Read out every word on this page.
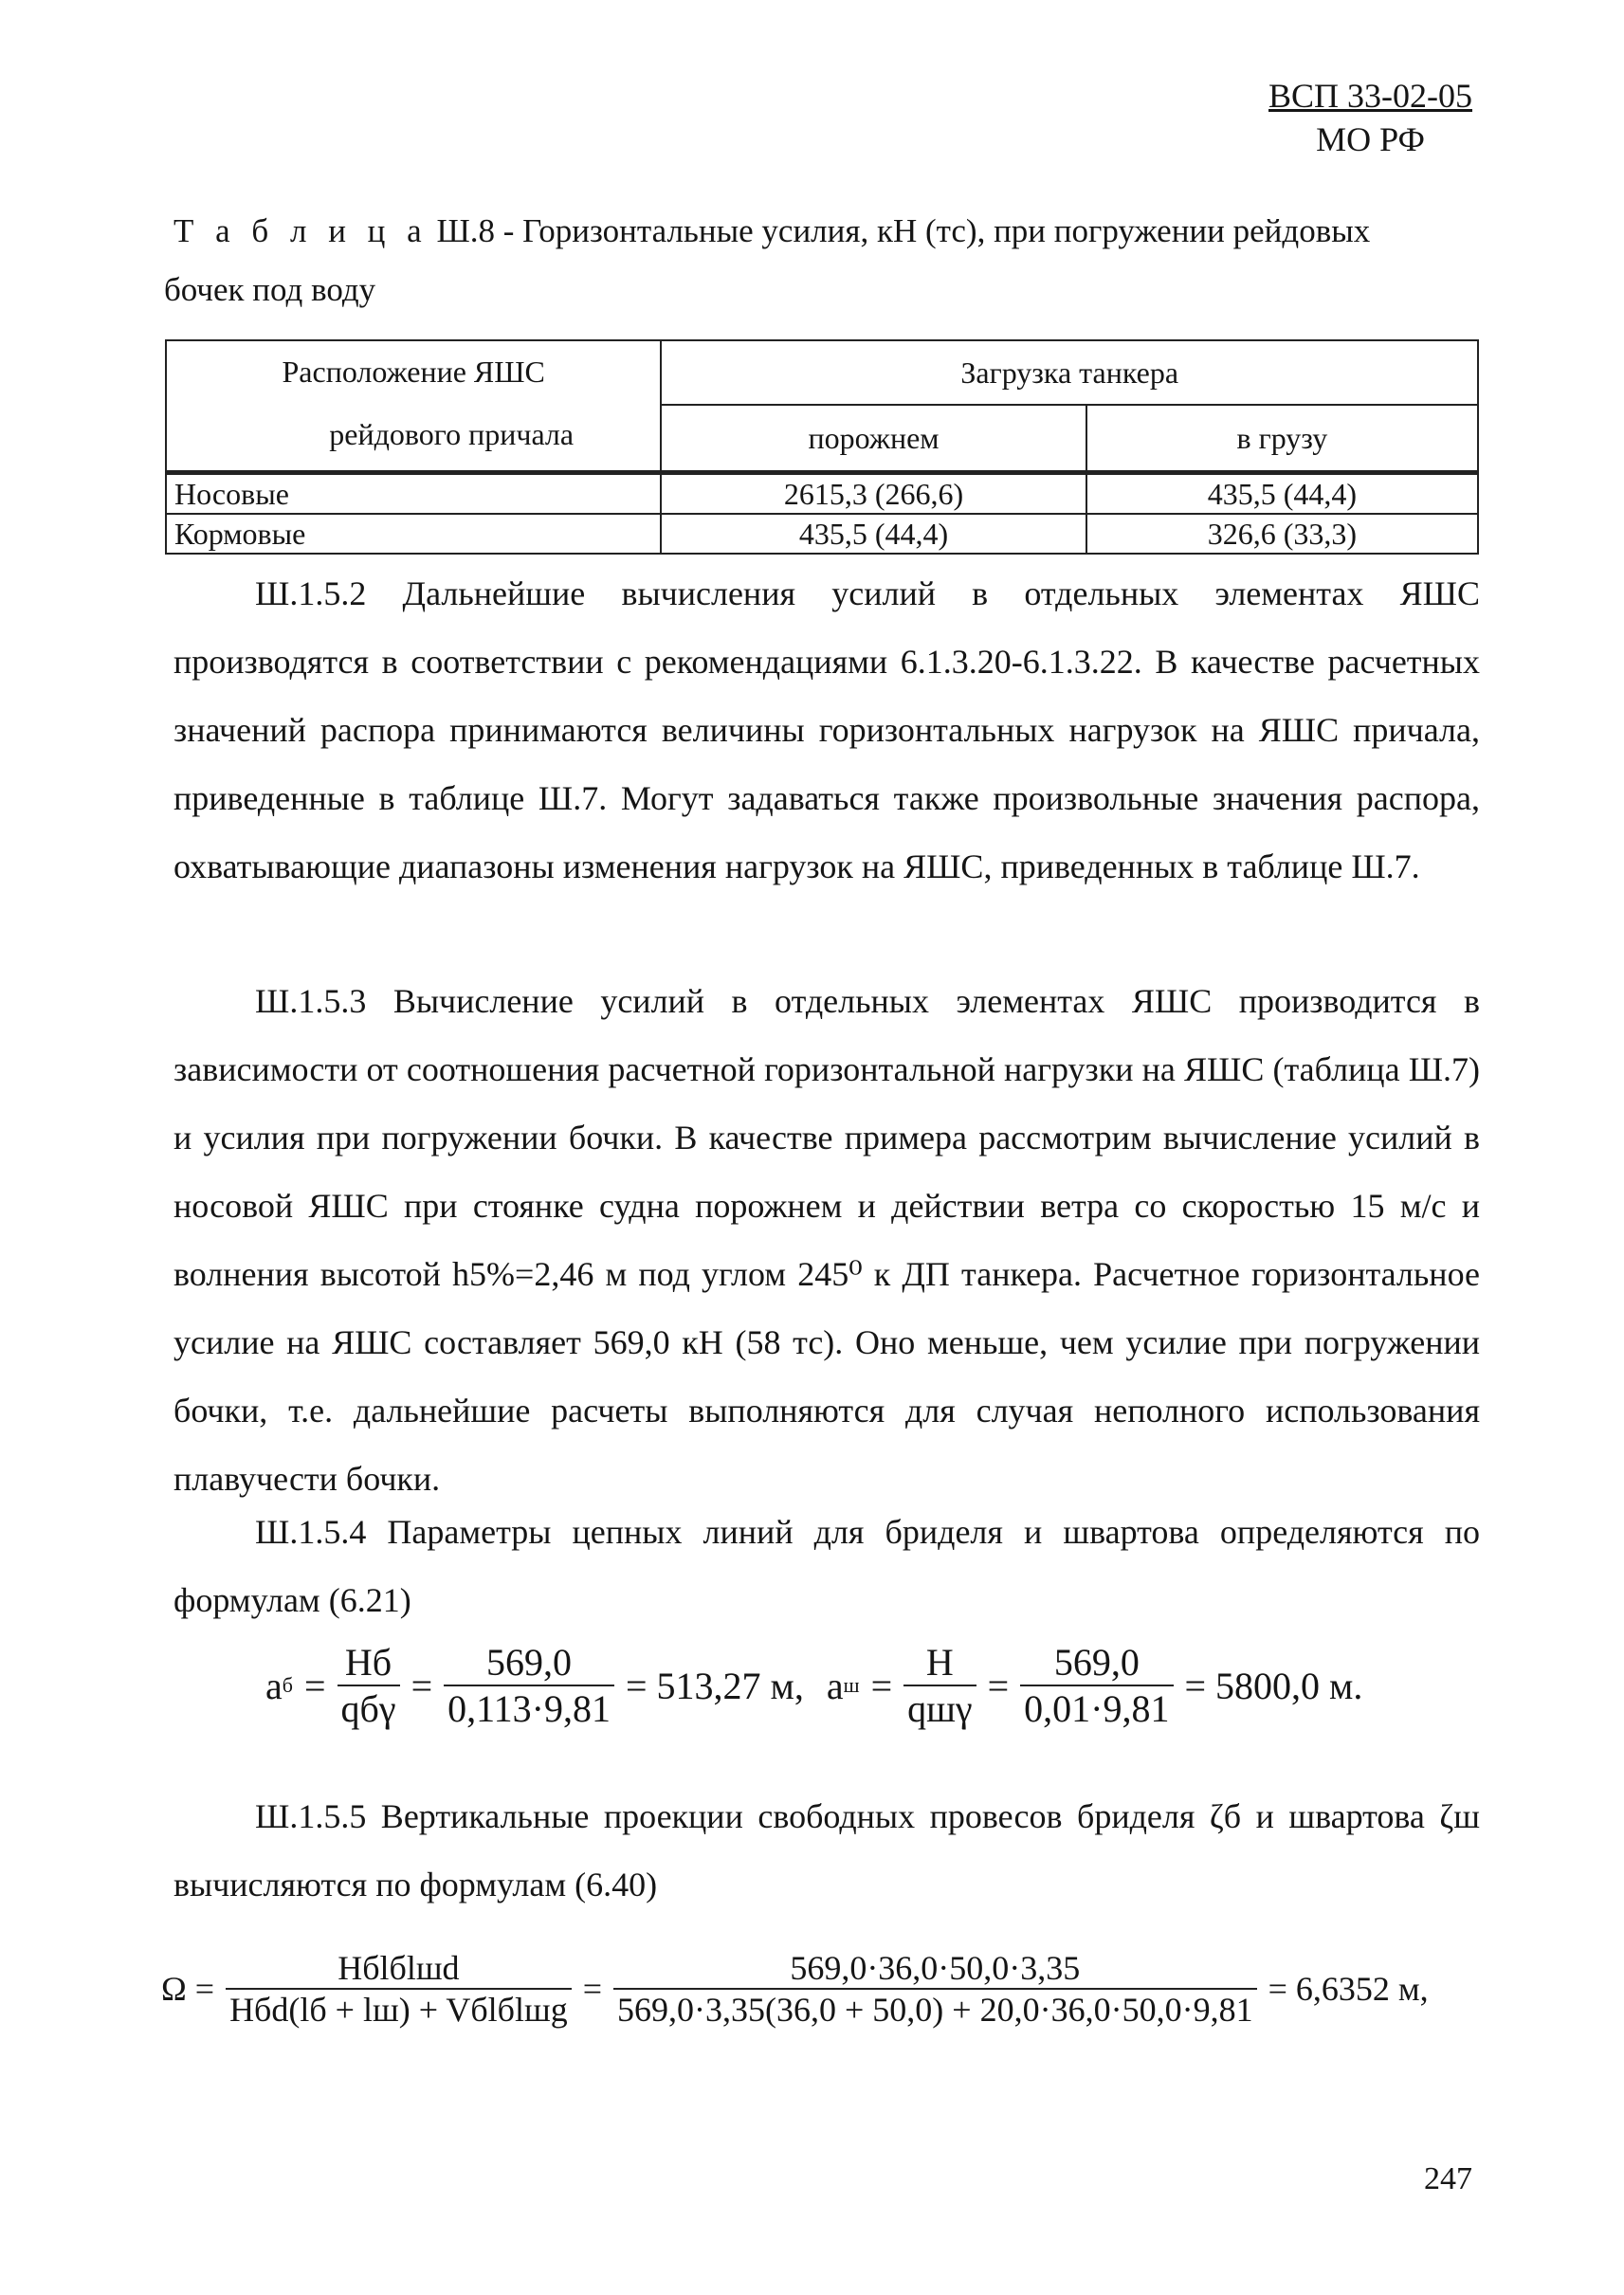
ВСП 33-02-05
МО РФ
Т а б л и ц а Ш.8 - Горизонтальные усилия, кН (тс), при погружении рейдовых
бочек под воду
Расположение ЯШС
рейдового причала	Загрузка танкера	
	порожнем	в грузу
Носовые	2615,3 (266,6)	435,5 (44,4)
Кормовые	435,5 (44,4)	326,6 (33,3)
Ш.1.5.2 Дальнейшие вычисления усилий в отдельных элементах ЯШС производятся в соответствии с рекомендациями 6.1.3.20-6.1.3.22. В качестве расчетных значений распора принимаются величины горизонтальных нагрузок на ЯШС причала, приведенные в таблице Ш.7. Могут задаваться также произвольные значения распора, охватывающие диапазоны изменения нагрузок на ЯШС, приведенных в таблице Ш.7.
Ш.1.5.3 Вычисление усилий в отдельных элементах ЯШС производится в зависимости от соотношения расчетной горизонтальной нагрузки на ЯШС (таблица Ш.7) и усилия при погружении бочки. В качестве примера рассмотрим вычисление усилий в носовой ЯШС при стоянке судна порожнем и действии ветра со скоростью 15 м/с и волнения высотой h5%=2,46 м под углом 245⁰ к ДП танкера. Расчетное горизонтальное усилие на ЯШС составляет 569,0 кН (58 тс). Оно меньше, чем усилие при погружении бочки, т.е. дальнейшие расчеты выполняются для случая неполного использования плавучести бочки.
Ш.1.5.4 Параметры цепных линий для бриделя и швартова определяются по формулам (6.21)
a $б = \frac{Hб}{\text{qбγ}} = \frac{569,0}{0,113\cdot 9,81} = 513,27$ м, a $ш = \frac{H}{\text{qшγ}} = \frac{569,0}{0,01\cdot 9,81} = 5800,0$ м.
Ш.1.5.5 Вертикальные проекции свободных провесов бриделя ζб и швартова ζш вычисляются по формулам (6.40)
$\Omega = \frac{\text{Hбlбlшd}}{\text{Hбd(lб + lш) + Vбlбlшg}} = \frac{569,0\cdot 36,0\cdot 50,0\cdot 3,35}{569,0\cdot 3,35(36,0 + 50,0) + 20,0\cdot 36,0\cdot 50,0\cdot 9,81} = 6,6352$ м,
247
